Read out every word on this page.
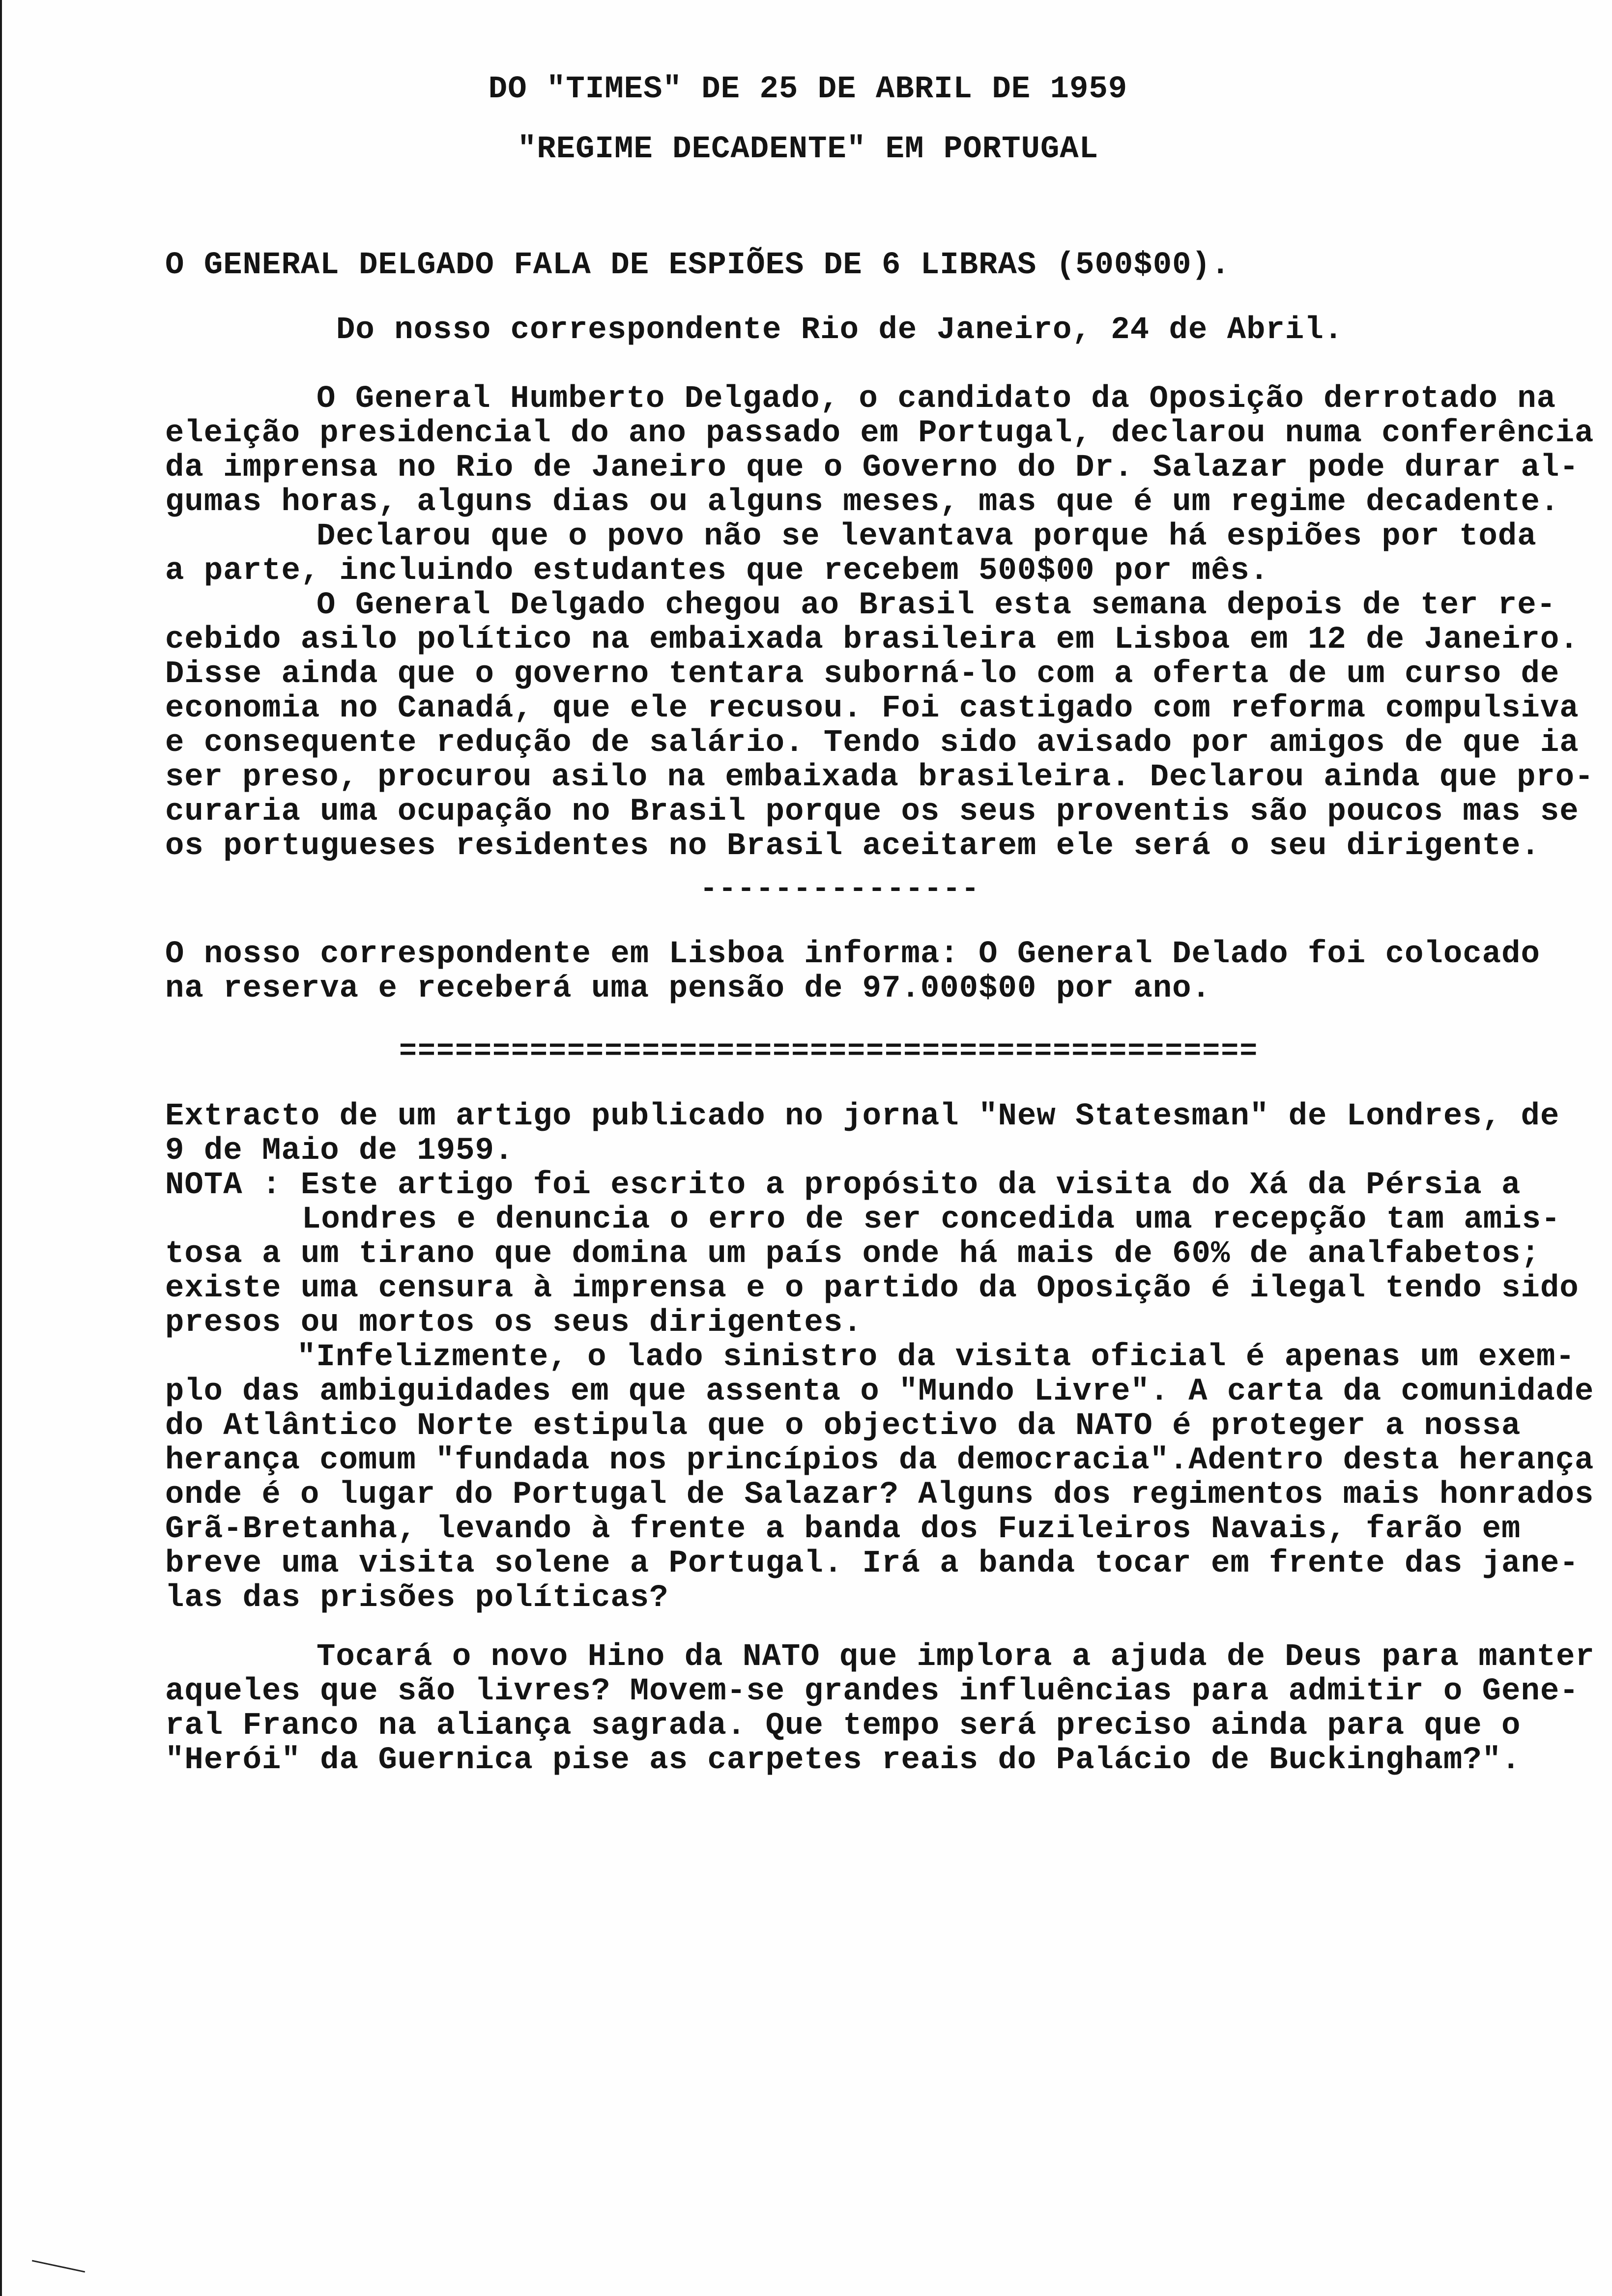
DO "TIMES" DE 25 DE ABRIL DE 1959
"REGIME DECADENTE" EM PORTUGAL
O GENERAL DELGADO FALA DE ESPIÕES DE 6 LIBRAS (500$00).
Do nosso correspondente Rio de Janeiro, 24 de Abril.
O General Humberto Delgado, o candidato da Oposição derrotado na
eleição presidencial do ano passado em Portugal, declarou numa conferência
da imprensa no Rio de Janeiro que o Governo do Dr. Salazar pode durar al-
gumas horas, alguns dias ou alguns meses, mas que é um regime decadente.
Declarou que o povo não se levantava porque há espiões por toda
a parte, incluindo estudantes que recebem 500$00 por mês.
O General Delgado chegou ao Brasil esta semana depois de ter re-
cebido asilo político na embaixada brasileira em Lisboa em 12 de Janeiro.
Disse ainda que o governo tentara suborná-lo com a oferta de um curso de
economia no Canadá, que ele recusou. Foi castigado com reforma compulsiva
e consequente redução de salário. Tendo sido avisado por amigos de que ia
ser preso, procurou asilo na embaixada brasileira. Declarou ainda que pro-
curaria uma ocupação no Brasil porque os seus proventis são poucos mas se
os portugueses residentes no Brasil aceitarem ele será o seu dirigente.
---------------
O nosso correspondente em Lisboa informa: O General Delado foi colocado
na reserva e receberá uma pensão de 97.000$00 por ano.
==============================================
Extracto de um artigo publicado no jornal "New Statesman" de Londres, de
9 de Maio de 1959.
NOTA : Este artigo foi escrito a propósito da visita do Xá da Pérsia a
Londres e denuncia o erro de ser concedida uma recepção tam amis-
tosa a um tirano que domina um país onde há mais de 60% de analfabetos;
existe uma censura à imprensa e o partido da Oposição é ilegal tendo sido
presos ou mortos os seus dirigentes.
"Infelizmente, o lado sinistro da visita oficial é apenas um exem-
plo das ambiguidades em que assenta o "Mundo Livre". A carta da comunidade
do Atlântico Norte estipula que o objectivo da NATO é proteger a nossa
herança comum "fundada nos princípios da democracia".Adentro desta herança
onde é o lugar do Portugal de Salazar? Alguns dos regimentos mais honrados
Grã-Bretanha, levando à frente a banda dos Fuzileiros Navais, farão em
breve uma visita solene a Portugal. Irá a banda tocar em frente das jane-
las das prisões políticas?
Tocará o novo Hino da NATO que implora a ajuda de Deus para manter
aqueles que são livres? Movem-se grandes influências para admitir o Gene-
ral Franco na aliança sagrada. Que tempo será preciso ainda para que o
"Herói" da Guernica pise as carpetes reais do Palácio de Buckingham?".
